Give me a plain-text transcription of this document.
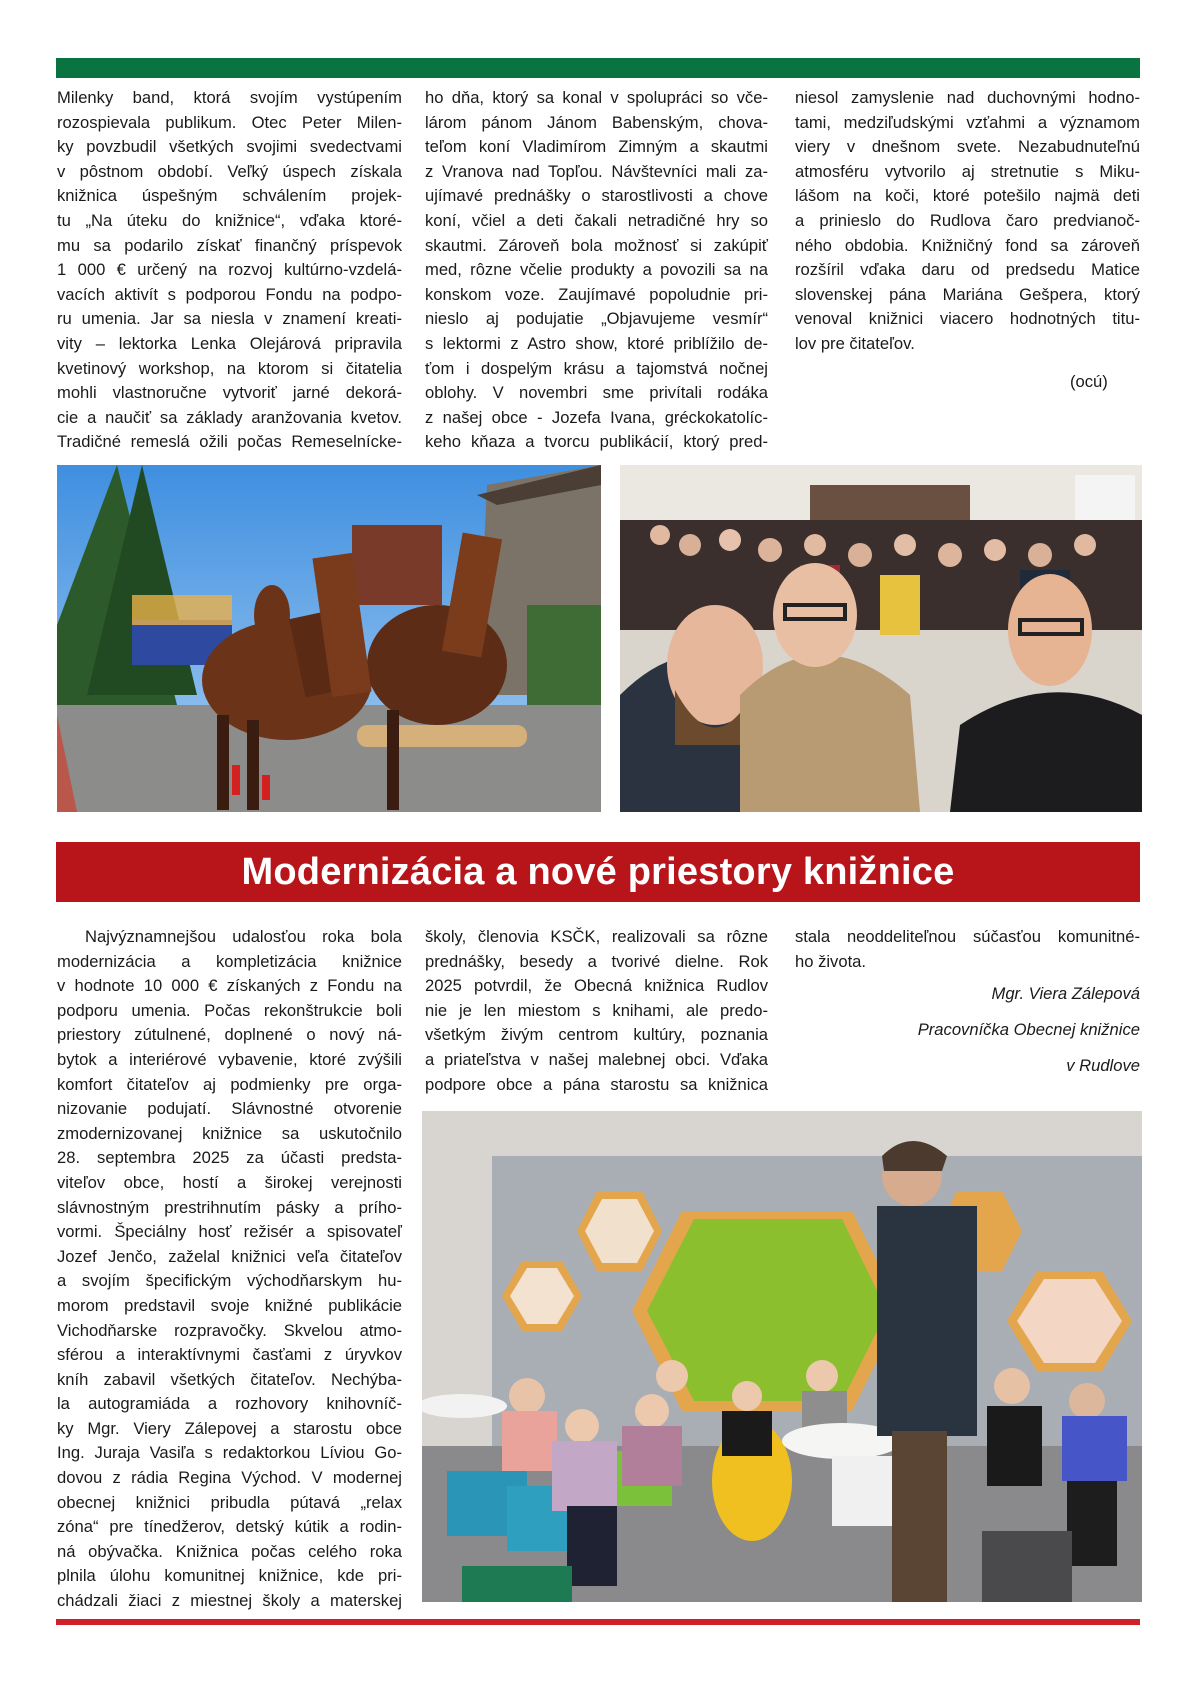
Milenky band, ktorá svojím vystúpením
rozospievala publikum. Otec Peter Milen-
ky povzbudil všetkých svojimi svedectvami
v pôstnom období. Veľký úspech získala
knižnica úspešným schválením projek-
tu „Na úteku do knižnice“, vďaka ktoré-
mu sa podarilo získať finančný príspevok
1 000 € určený na rozvoj kultúrno-vzdelá-
vacích aktivít s podporou Fondu na podpo-
ru umenia. Jar sa niesla v znamení kreati-
vity – lektorka Lenka Olejárová pripravila
kvetinový workshop, na ktorom si čitatelia
mohli vlastnoručne vytvoriť jarné dekorá-
cie a naučiť sa základy aranžovania kvetov.
Tradičné remeslá ožili počas Remeselnícke-
ho dňa, ktorý sa konal v spolupráci so vče-
lárom pánom Jánom Babenským, chova-
teľom koní Vladimírom Zimným a skautmi
z Vranova nad Topľou. Návštevníci mali za-
ujímavé prednášky o starostlivosti a chove
koní, včiel a deti čakali netradičné hry so
skautmi. Zároveň bola možnosť si zakúpiť
med, rôzne včelie produkty a povozili sa na
konskom voze. Zaujímavé popoludnie pri-
nieslo aj podujatie „Objavujeme vesmír“
s lektormi z Astro show, ktoré priblížilo de-
ťom i dospelým krásu a tajomstvá nočnej
oblohy. V novembri sme privítali rodáka
z našej obce - Jozefa Ivana, gréckokatolíc-
keho kňaza a tvorcu publikácií, ktorý pred-
niesol zamyslenie nad duchovnými hodno-
tami, medziľudskými vzťahmi a významom
viery v dnešnom svete. Nezabudnuteľnú
atmosféru vytvorilo aj stretnutie s Miku-
lášom na koči, ktoré potešilo najmä deti
a prinieslo do Rudlova čaro predvianoč-
ného obdobia. Knižničný fond sa zároveň
rozšíril vďaka daru od predsedu Matice
slovenskej pána Mariána Gešpera, ktorý
venoval knižnici viacero hodnotných titu-
lov pre čitateľov.
(ocú)
Modernizácia a nové priestory knižnice
Najvýznamnejšou udalosťou roka bola
modernizácia a kompletizácia knižnice
v hodnote 10 000 € získaných z Fondu na
podporu umenia. Počas rekonštrukcie boli
priestory zútulnené, doplnené o nový ná-
bytok a interiérové vybavenie, ktoré zvýšili
komfort čitateľov aj podmienky pre orga-
nizovanie podujatí. Slávnostné otvorenie
zmodernizovanej knižnice sa uskutočnilo
28. septembra 2025 za účasti predsta-
viteľov obce, hostí a širokej verejnosti
slávnostným prestrihnutím pásky a prího-
vormi. Špeciálny hosť režisér a spisovateľ
Jozef Jenčo, zaželal knižnici veľa čitateľov
a svojím špecifickým východňarskym hu-
morom predstavil svoje knižné publikácie
Vichodňarske rozpravočky. Skvelou atmo-
sférou a interaktívnymi časťami z úryvkov
kníh zabavil všetkých čitateľov. Nechýba-
la autogramiáda a rozhovory knihovníč-
ky Mgr. Viery Zálepovej a starostu obce
Ing. Juraja Vasiľa s redaktorkou Líviou Go-
dovou z rádia Regina Východ. V modernej
obecnej knižnici pribudla pútavá „relax
zóna“ pre tínedžerov, detský kútik a rodin-
ná obývačka. Knižnica počas celého roka
plnila úlohu komunitnej knižnice, kde pri-
chádzali žiaci z miestnej školy a materskej
školy, členovia KSČK, realizovali sa rôzne
prednášky, besedy a tvorivé dielne. Rok
2025 potvrdil, že Obecná knižnica Rudlov
nie je len miestom s knihami, ale predo-
všetkým živým centrom kultúry, poznania
a priateľstva v našej malebnej obci. Vďaka
podpore obce a pána starostu sa knižnica
stala neoddeliteľnou súčasťou komunitné-
ho života.
Mgr. Viera Zálepová
Pracovníčka Obecnej knižnice
v Rudlove
